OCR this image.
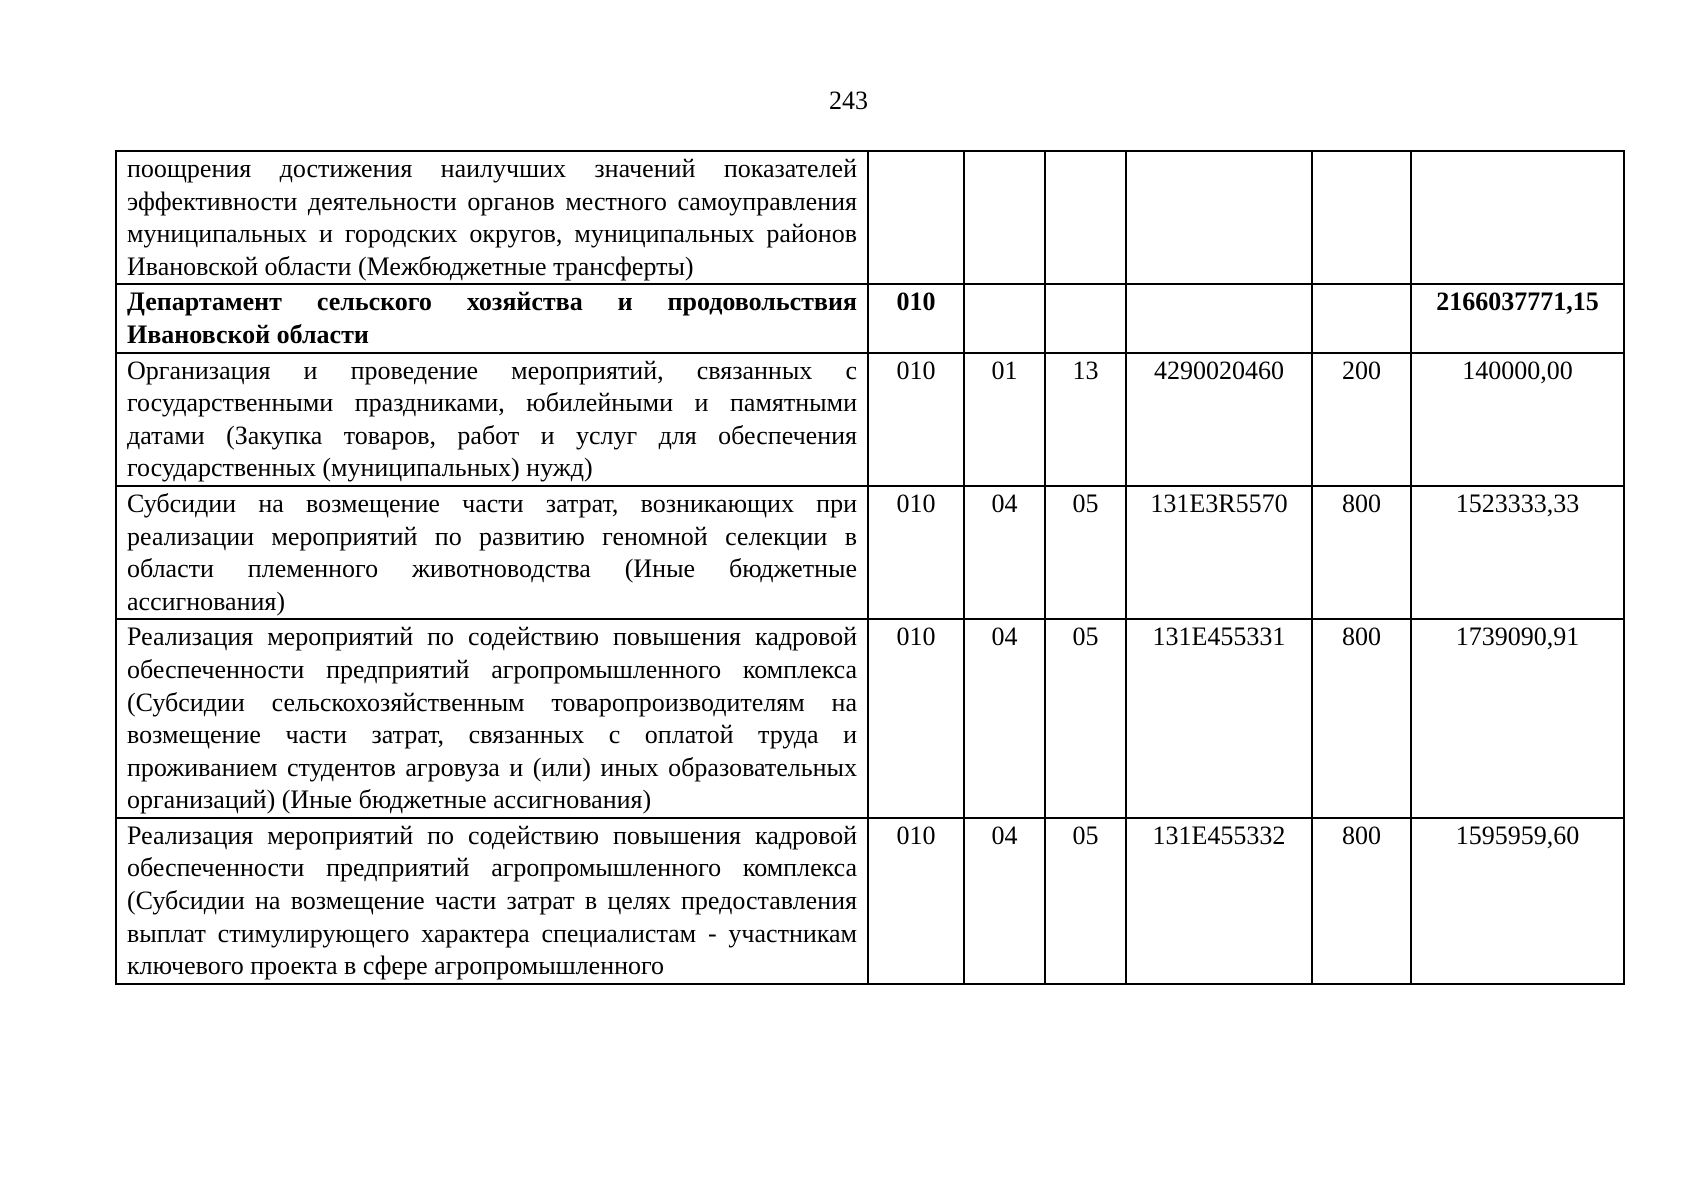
243
поощрения достижения наилучших значений показателей эффективности деятельности органов местного самоуправления муниципальных и городских округов, муниципальных районов Ивановской области (Межбюджетные трансферты)						
Департамент сельского хозяйства и продовольствия Ивановской области	010					2166037771,15
Организация и проведение мероприятий, связанных с государственными праздниками, юбилейными и памятными датами (Закупка товаров, работ и услуг для обеспечения государственных (муниципальных) нужд)	010	01	13	4290020460	200	140000,00
Субсидии на возмещение части затрат, возникающих при реализации мероприятий по развитию геномной селекции в области племенного животноводства (Иные бюджетные ассигнования)	010	04	05	131E3R5570	800	1523333,33
Реализация мероприятий по содействию повышения кадровой обеспеченности предприятий агропромышленного комплекса (Субсидии сельскохозяйственным товаропроизводителям на возмещение части затрат, связанных с оплатой труда и проживанием студентов агровуза и (или) иных образовательных организаций) (Иные бюджетные ассигнования)	010	04	05	131E455331	800	1739090,91
Реализация мероприятий по содействию повышения кадровой обеспеченности предприятий агропромышленного комплекса (Субсидии на возмещение части затрат в целях предоставления выплат стимулирующего характера специалистам - участникам ключевого проекта в сфере агропромышленного	010	04	05	131E455332	800	1595959,60
